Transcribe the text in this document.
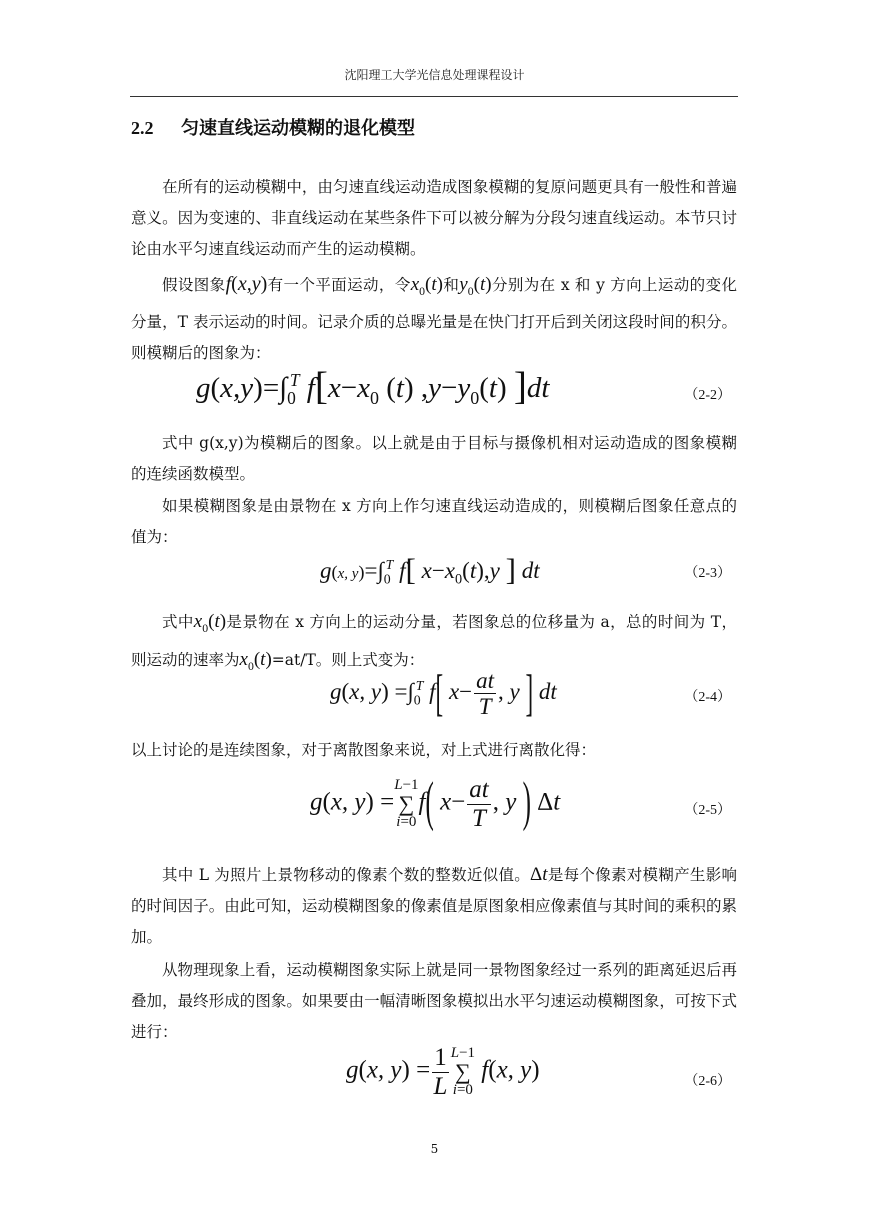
沈阳理工大学光信息处理课程设计
2.2 匀速直线运动模糊的退化模型
在所有的运动模糊中，由匀速直线运动造成图象模糊的复原问题更具有一般性和普遍意义。因为变速的、非直线运动在某些条件下可以被分解为分段匀速直线运动。本节只讨论由水平匀速直线运动而产生的运动模糊。
假设图象f(x,y)有一个平面运动，令$x_0(t)$和$y_0(t)$分别为在 x 和 y 方向上运动的变化分量，T 表示运动的时间。记录介质的总曝光量是在快门打开后到关闭这段时间的积分。则模糊后的图象为：
$g(x,y)=\int_0^T$ $f[x-x_0$ (t) $,y-y_0(t)$ ]dt	（2-2）
式中 g(x,y)为模糊后的图象。以上就是由于目标与摄像机相对运动造成的图象模糊的连续函数模型。
如果模糊图象是由景物在 x 方向上作匀速直线运动造成的，则模糊后图象任意点的值为：
g(x, $y)=\int_0^T$ f[ $x-x_0(t),y$ ] dt	（2-3）
式中$x_0(t)$是景物在 x 方向上的运动分量，若图象总的位移量为 a，总的时间为 T，则运动的速率为$x_0(t)=at/T$。则上式变为：
g(x, $y) =\int_0^T$ f[ $x- \frac{at}{T}$ , y ] dt	（2-4）
以上讨论的是连续图象，对于离散图象来说，对上式进行离散化得：
g(x, y) =
L−1
∑
i=0
f( $x- \frac{at}{T}$ , y ) Δt	（2-5）
其中 L 为照片上景物移动的像素个数的整数近似值。Δt是每个像素对模糊产生影响的时间因子。由此可知，运动模糊图象的像素值是原图象相应像素值与其时间的乘积的累加。
从物理现象上看，运动模糊图象实际上就是同一景物图象经过一系列的距离延迟后再叠加，最终形成的图象。如果要由一幅清晰图象模拟出水平匀速运动模糊图象，可按下式进行：
g(x, $y) = \frac{1}{L} L-1$
∑
i=0
f(x, y)	（2-6）
5
